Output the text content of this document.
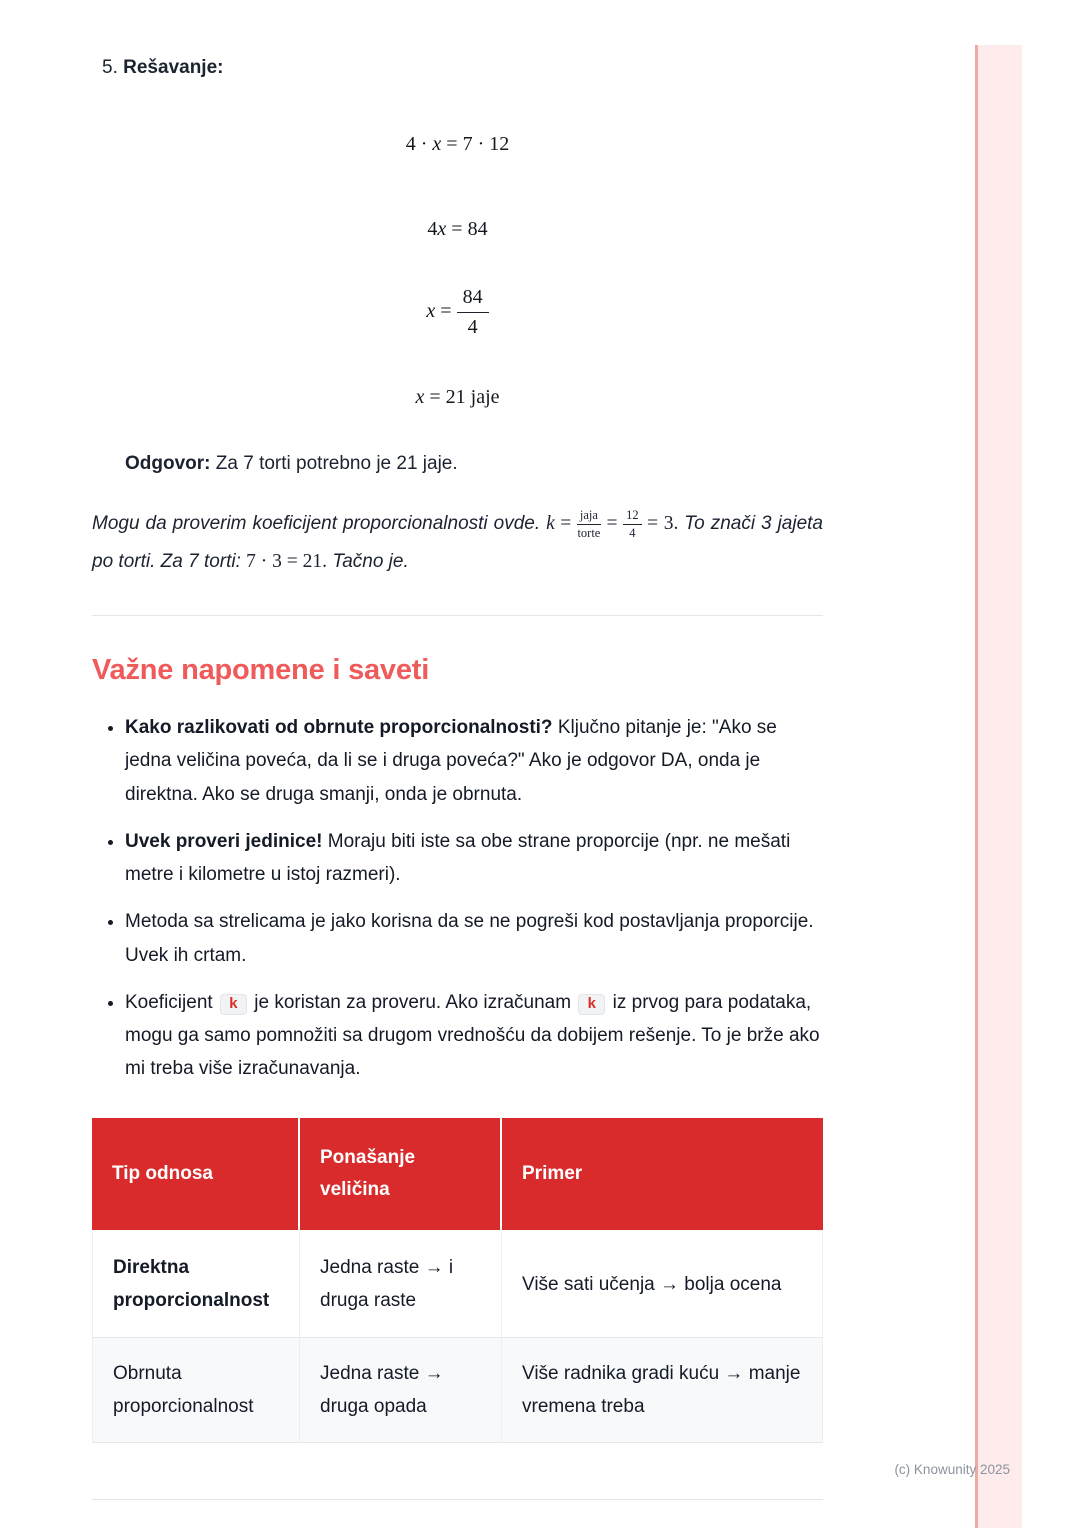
5. Rešavanje:
4 · x = 7 · 12
4x = 84
$x = \frac{84}{4}$
x = 21 jaje

Odgovor: Za 7 torti potrebno je 21 jaje.

Mogu da proverim koeficijent proporcionalnosti ovde. $k = \frac{\text{jaja}}{\text{torte}} = \frac{12}{4} = 3$. To znači 3 jajeta po torti. Za 7 torti: 7 · 3 = 21. Tačno je.

Važne napomene i saveti
• Kako razlikovati od obrnute proporcionalnosti? Ključno pitanje je: "Ako se jedna veličina poveća, da li se i druga poveća?" Ako je odgovor DA, onda je direktna. Ako se druga smanji, onda je obrnuta.
• Uvek proveri jedinice! Moraju biti iste sa obe strane proporcije (npr. ne mešati metre i kilometre u istoj razmeri).
• Metoda sa strelicama je jako korisna da se ne pogreši kod postavljanja proporcije. Uvek ih crtam.
• Koeficijent k je koristan za proveru. Ako izračunam k iz prvog para podataka, mogu ga samo pomnožiti sa drugom vrednošću da dobijem rešenje. To je brže ako mi treba više izračunavanja.
Tip odnosa	Ponašanje veličina	Primer
Direktna proporcionalnost	Jedna raste → i druga raste	Više sati učenja → bolja ocena
Obrnuta proporcionalnost	Jedna raste → druga opada	Više radnika gradi kuću → manje vremena treba
(c) Knowunity 2025
